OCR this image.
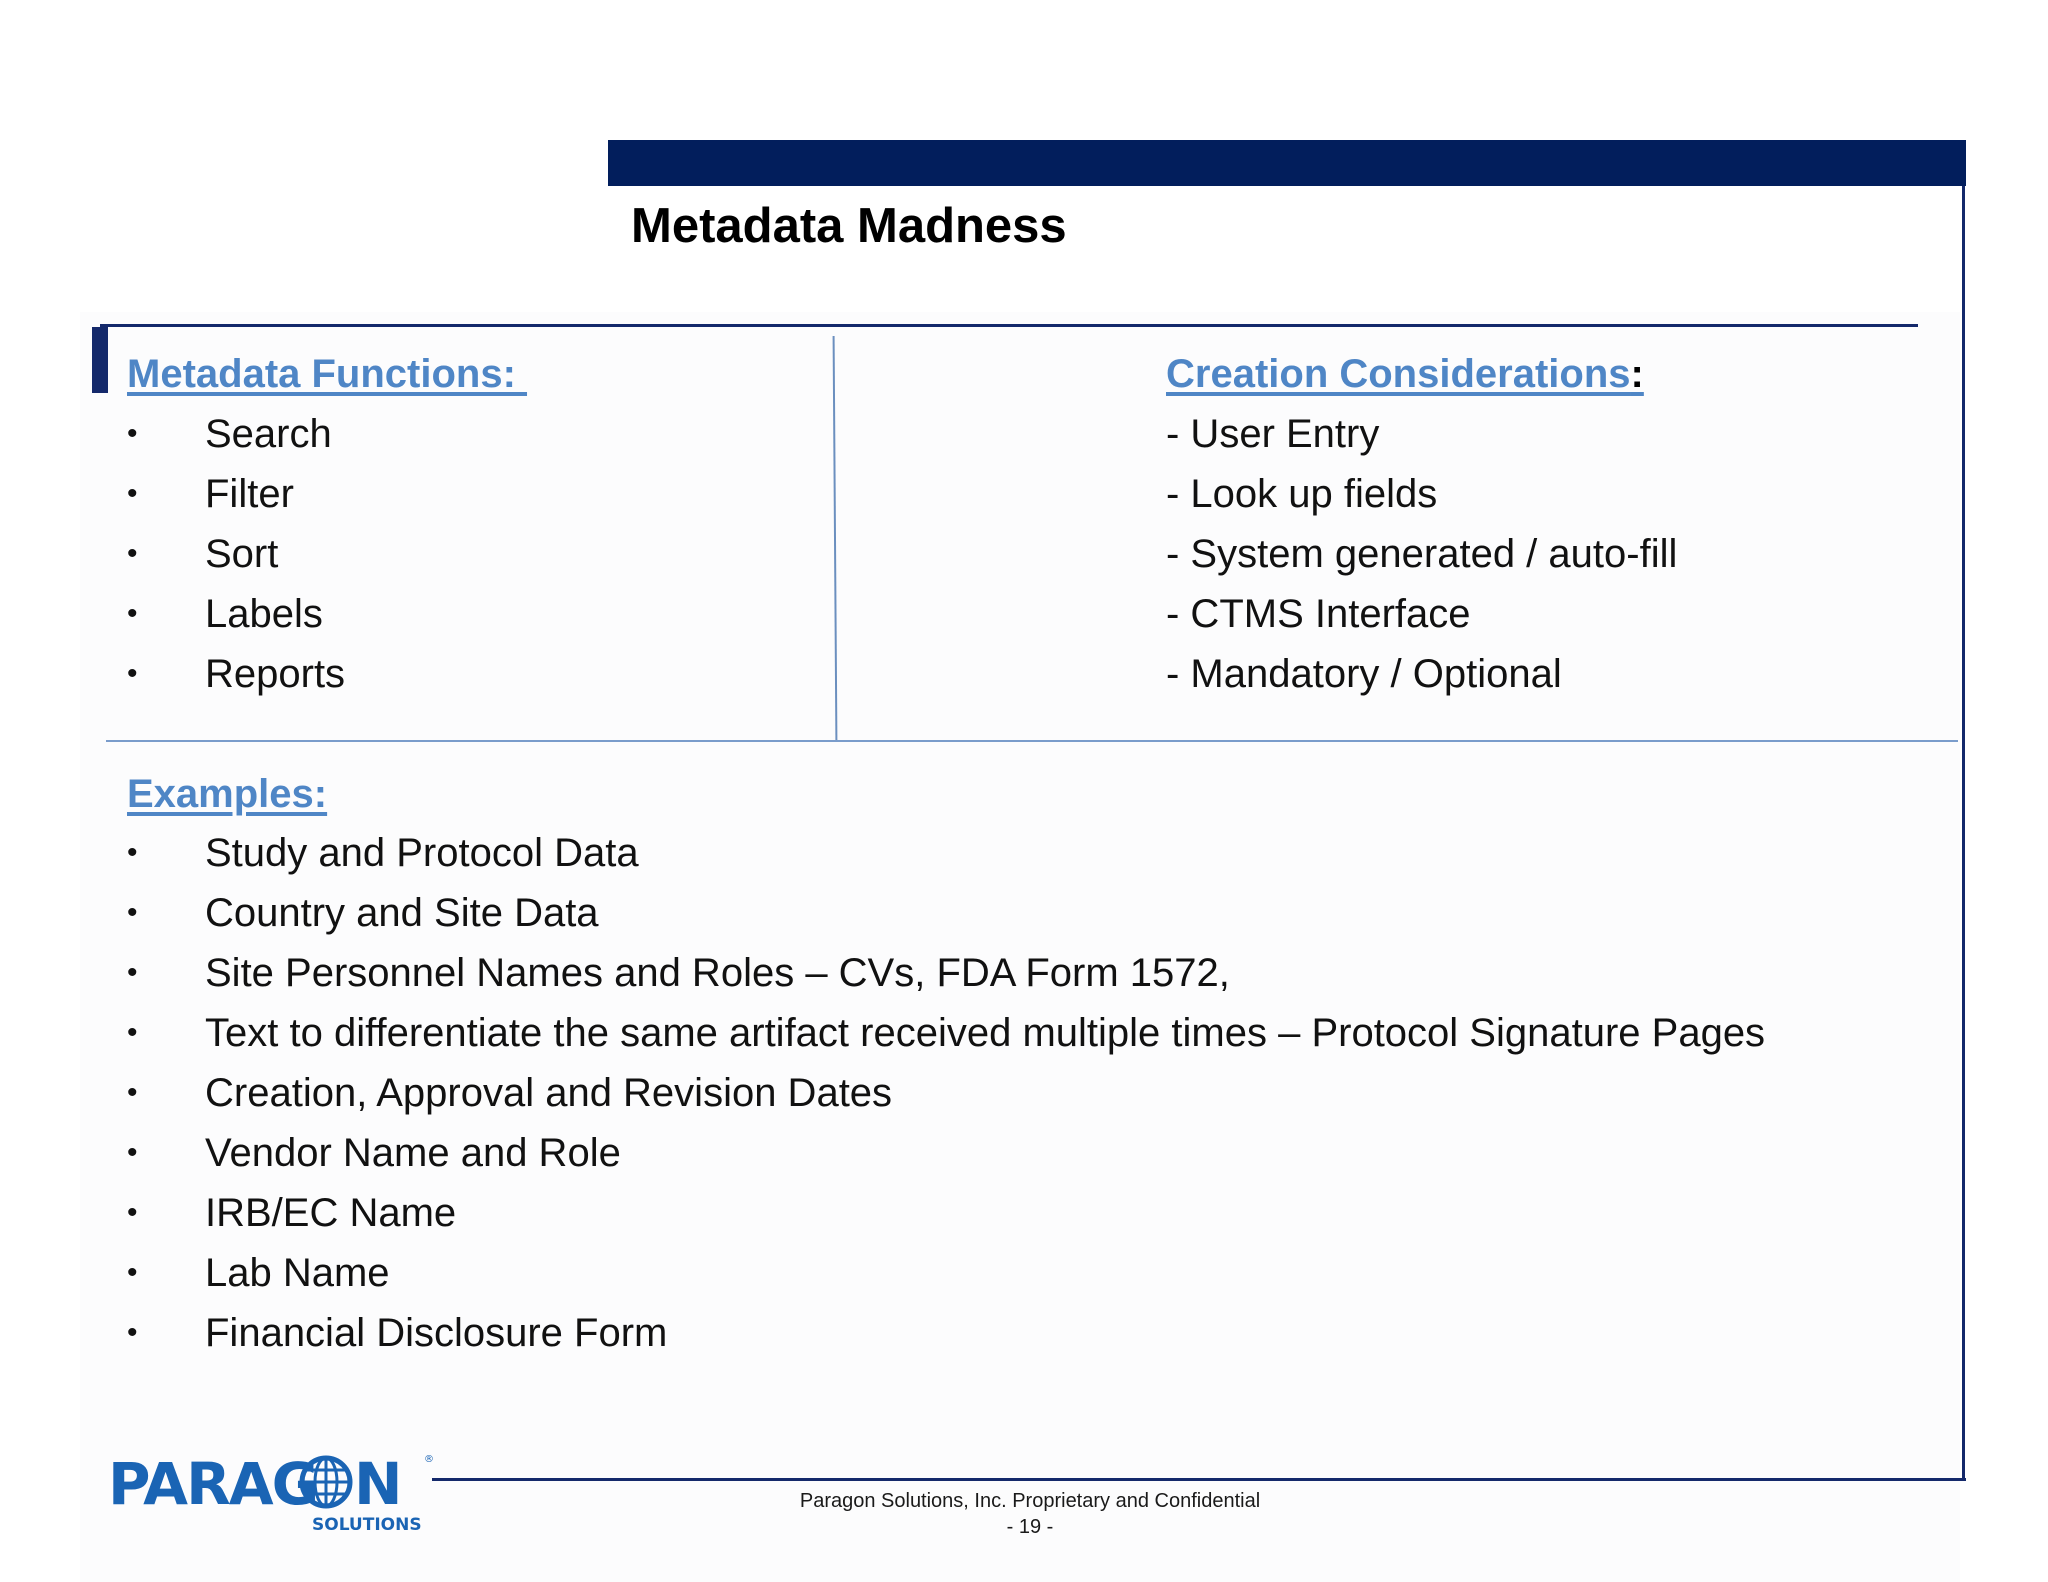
Metadata Madness
Metadata Functions:
• Search
• Filter
• Sort
• Labels
• Reports
Creation Considerations:
- User Entry
- Look up fields
- System generated / auto-fill
- CTMS Interface
- Mandatory / Optional
Examples:
• Study and Protocol Data
• Country and Site Data
• Site Personnel Names and Roles – CVs, FDA Form 1572,
• Text to differentiate the same artifact received multiple times – Protocol Signature Pages
• Creation, Approval and Revision Dates
• Vendor Name and Role
• IRB/EC Name
• Lab Name
• Financial Disclosure Form
PARAG N ®
SOLUTIONS
Paragon Solutions, Inc. Proprietary and Confidential
- 19 -
